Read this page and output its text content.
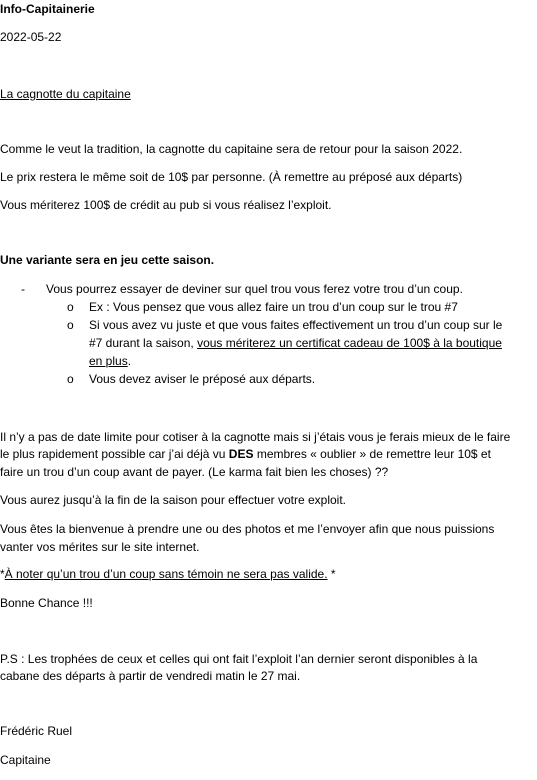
Info-Capitainerie
2022-05-22
La cagnotte du capitaine
Comme le veut la tradition, la cagnotte du capitaine sera de retour pour la saison 2022.
Le prix restera le même soit de 10$ par personne. (À remettre au préposé aux départs)
Vous mériterez 100$ de crédit au pub si vous réalisez l’exploit.
Une variante sera en jeu cette saison.
- Vous pourrez essayer de deviner sur quel trou vous ferez votre trou d’un coup.
o Ex : Vous pensez que vous allez faire un trou d’un coup sur le trou #7
o Si vous avez vu juste et que vous faites effectivement un trou d’un coup sur le
#7 durant la saison, vous mériterez un certificat cadeau de 100$ à la boutique
en plus.
o Vous devez aviser le préposé aux départs.
Il n’y a pas de date limite pour cotiser à la cagnotte mais si j’étais vous je ferais mieux de le faire
le plus rapidement possible car j’ai déjà vu DES membres « oublier » de remettre leur 10$ et
faire un trou d’un coup avant de payer. (Le karma fait bien les choses) ??
Vous aurez jusqu’à la fin de la saison pour effectuer votre exploit.
Vous êtes la bienvenue à prendre une ou des photos et me l’envoyer afin que nous puissions
vanter vos mérites sur le site internet.
*À noter qu’un trou d’un coup sans témoin ne sera pas valide. *
Bonne Chance !!!
P.S : Les trophées de ceux et celles qui ont fait l’exploit l’an dernier seront disponibles à la
cabane des départs à partir de vendredi matin le 27 mai.
Frédéric Ruel
Capitaine
